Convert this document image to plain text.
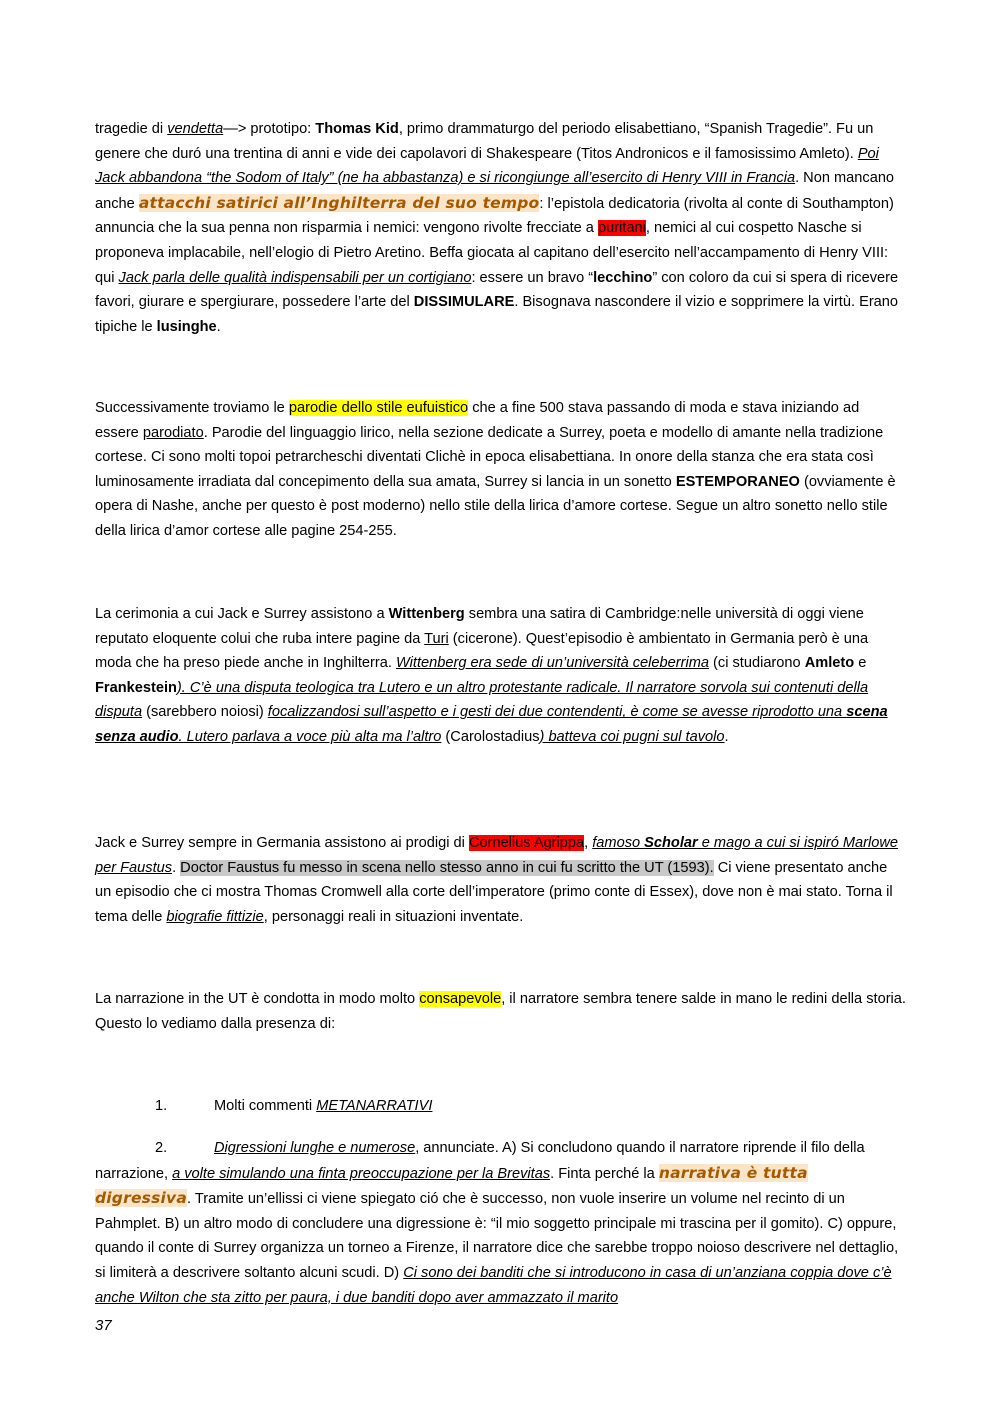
tragedie di vendetta—> prototipo: Thomas Kid, primo drammaturgo del periodo elisabettiano, “Spanish Tragedie”. Fu un genere che duró una trentina di anni e vide dei capolavori di Shakespeare (Titos Andronicos e il famosissimo Amleto). Poi Jack abbandona “the Sodom of Italy” (ne ha abbastanza) e si ricongiunge all’esercito di Henry VIII in Francia. Non mancano anche attacchi satirici all’Inghilterra del suo tempo: l’epistola dedicatoria (rivolta al conte di Southampton) annuncia che la sua penna non risparmia i nemici: vengono rivolte frecciate a puritani, nemici al cui cospetto Nasche si proponeva implacabile, nell’elogio di Pietro Aretino. Beffa giocata al capitano dell’esercito nell’accampamento di Henry VIII: qui Jack parla delle qualità indispensabili per un cortigiano: essere un bravo “lecchino” con coloro da cui si spera di ricevere favori, giurare e spergiurare, possedere l’arte del DISSIMULARE. Bisognava nascondere il vizio e sopprimere la virtù. Erano tipiche le lusinghe.

Successivamente troviamo le parodie dello stile eufuistico che a fine 500 stava passando di moda e stava iniziando ad essere parodiato. Parodie del linguaggio lirico, nella sezione dedicate a Surrey, poeta e modello di amante nella tradizione cortese. Ci sono molti topoi petrarcheschi diventati Clichè in epoca elisabettiana. In onore della stanza che era stata così luminosamente irradiata dal concepimento della sua amata, Surrey si lancia in un sonetto ESTEMPORANEO (ovviamente è opera di Nashe, anche per questo è post moderno) nello stile della lirica d’amore cortese. Segue un altro sonetto nello stile della lirica d’amor cortese alle pagine 254-255.

La cerimonia a cui Jack e Surrey assistono a Wittenberg sembra una satira di Cambridge:nelle università di oggi viene reputato eloquente colui che ruba intere pagine da Turi (cicerone). Quest’episodio è ambientato in Germania però è una moda che ha preso piede anche in Inghilterra. Wittenberg era sede di un’università celeberrima (ci studiarono Amleto e Frankestein). C’è una disputa teologica tra Lutero e un altro protestante radicale. Il narratore sorvola sui contenuti della disputa (sarebbero noiosi) focalizzandosi sull’aspetto e i gesti dei due contendenti, è come se avesse riprodotto una scena senza audio. Lutero parlava a voce più alta ma l’altro (Carolostadius) batteva coi pugni sul tavolo.

Jack e Surrey sempre in Germania assistono ai prodigi di Cornelius Agrippa, famoso Scholar e mago a cui si ispiró Marlowe per Faustus. Doctor Faustus fu messo in scena nello stesso anno in cui fu scritto the UT (1593). Ci viene presentato anche un episodio che ci mostra Thomas Cromwell alla corte dell’imperatore (primo conte di Essex), dove non è mai stato. Torna il tema delle biografie fittizie, personaggi reali in situazioni inventate.

La narrazione in the UT è condotta in modo molto consapevole, il narratore sembra tenere salde in mano le redini della storia. Questo lo vediamo dalla presenza di:

1.	Molti commenti METANARRATIVI

2.	Digressioni lunghe e numerose, annunciate. A) Si concludono quando il narratore riprende il filo della narrazione, a volte simulando una finta preoccupazione per la Brevitas. Finta perché la narrativa è tutta digressiva. Tramite un’ellissi ci viene spiegato ció che è successo, non vuole inserire un volume nel recinto di un Pahmplet. B) un altro modo di concludere una digressione è: “il mio soggetto principale mi trascina per il gomito). C) oppure, quando il conte di Surrey organizza un torneo a Firenze, il narratore dice che sarebbe troppo noioso descrivere nel dettaglio, si limiterà a descrivere soltanto alcuni scudi. D) Ci sono dei banditi che si introducono in casa di un’anziana coppia dove c’è anche Wilton che sta zitto per paura, i due banditi dopo aver ammazzato il marito

37
